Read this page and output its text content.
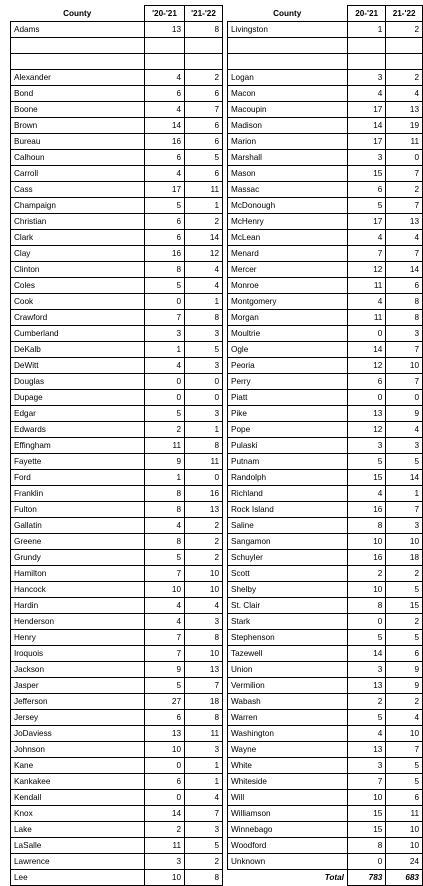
County	'20-'21	'21-'22
Adams	13	8

Alexander	4	2
Bond	6	6
Boone	4	7
Brown	14	6
Bureau	16	6
Calhoun	6	5
Carroll	4	6
Cass	17	11
Champaign	5	1
Christian	6	2
Clark	6	14
Clay	16	12
Clinton	8	4
Coles	5	4
Cook	0	1
Crawford	7	8
Cumberland	3	3
DeKalb	1	5
DeWitt	4	3
Douglas	0	0
Dupage	0	0
Edgar	5	3
Edwards	2	1
Effingham	11	8
Fayette	9	11
Ford	1	0
Franklin	8	16
Fulton	8	13
Gallatin	4	2
Greene	8	2
Grundy	5	2
Hamilton	7	10
Hancock	10	10
Hardin	4	4
Henderson	4	3
Henry	7	8
Iroquois	7	10
Jackson	9	13
Jasper	5	7
Jefferson	27	18
Jersey	6	8
JoDaviess	13	11
Johnson	10	3
Kane	0	1
Kankakee	6	1
Kendall	0	4
Knox	14	7
Lake	2	3
LaSalle	11	5
Lawrence	3	2
Lee	10	8
County	20-'21	21-'22
Livingston	1	2

Logan	3	2
Macon	4	4
Macoupin	17	13
Madison	14	19
Marion	17	11
Marshall	3	0
Mason	15	7
Massac	6	2
McDonough	5	7
McHenry	17	13
McLean	4	4
Menard	7	7
Mercer	12	14
Monroe	11	6
Montgomery	4	8
Morgan	11	8
Moultrie	0	3
Ogle	14	7
Peoria	12	10
Perry	6	7
Piatt	0	0
Pike	13	9
Pope	12	4
Pulaski	3	3
Putnam	5	5
Randolph	15	14
Richland	4	1
Rock Island	16	7
Saline	8	3
Sangamon	10	10
Schuyler	16	18
Scott	2	2
Shelby	10	5
St. Clair	8	15
Stark	0	2
Stephenson	5	5
Tazewell	14	6
Union	3	9
Vermilion	13	9
Wabash	2	2
Warren	5	4
Washington	4	10
Wayne	13	7
White	3	5
Whiteside	7	5
Will	10	6
Williamson	15	11
Winnebago	15	10
Woodford	8	10
Unknown	0	24
Total	783	683
